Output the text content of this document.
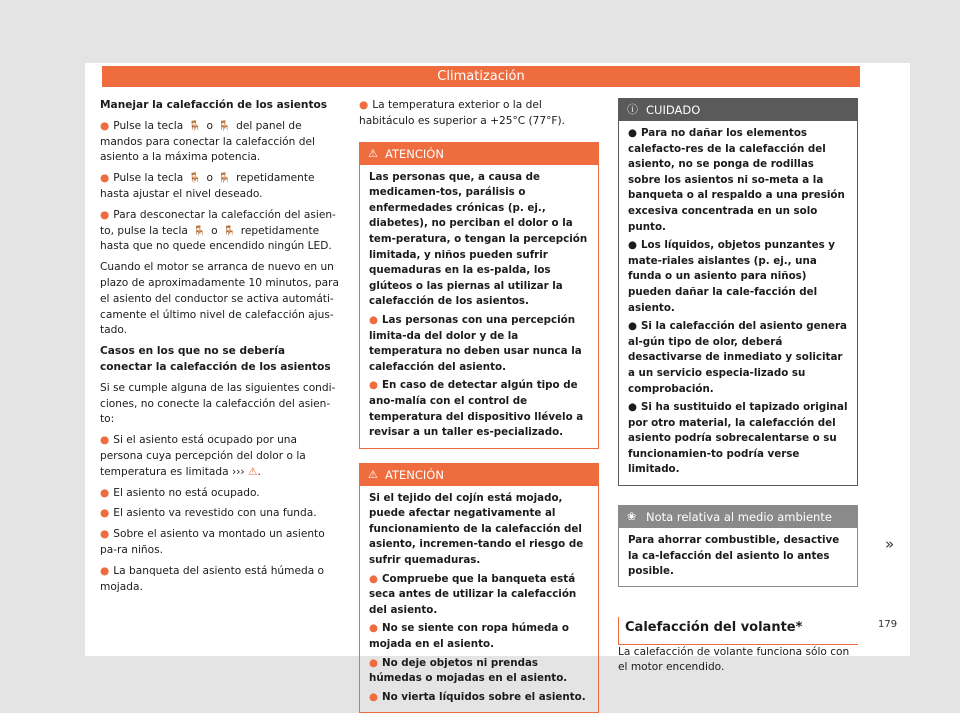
Climatización

Manejar la calefacción de los asientos

● Pulse la tecla 🪑 o 🪑 del panel de mandos para conectar la calefacción del asiento a la máxima potencia.

● Pulse la tecla 🪑 o 🪑 repetidamente hasta ajustar el nivel deseado.

● Para desconectar la calefacción del asien-to, pulse la tecla 🪑 o 🪑 repetidamente hasta que no quede encendido ningún LED.

Cuando el motor se arranca de nuevo en un plazo de aproximadamente 10 minutos, para el asiento del conductor se activa automáti-camente el último nivel de calefacción ajus-tado.

Casos en los que no se debería conectar la calefacción de los asientos

Si se cumple alguna de las siguientes condi-ciones, no conecte la calefacción del asien-to:

● Si el asiento está ocupado por una persona cuya percepción del dolor o la temperatura es limitada ››› ⚠.

● El asiento no está ocupado.

● El asiento va revestido con una funda.

● Sobre el asiento va montado un asiento pa-ra niños.

● La banqueta del asiento está húmeda o mojada.

● La temperatura exterior o la del habitáculo es superior a +25°C (77°F).

⚠ ATENCIÓN

Las personas que, a causa de medicamen-tos, parálisis o enfermedades crónicas (p. ej., diabetes), no perciban el dolor o la tem-peratura, o tengan la percepción limitada, y niños pueden sufrir quemaduras en la es-palda, los glúteos o las piernas al utilizar la calefacción de los asientos.

● Las personas con una percepción limita-da del dolor y de la temperatura no deben usar nunca la calefacción del asiento.

● En caso de detectar algún tipo de ano-malía con el control de temperatura del dispositivo llévelo a revisar a un taller es-pecializado.

⚠ ATENCIÓN

Si el tejido del cojín está mojado, puede afectar negativamente al funcionamiento de la calefacción del asiento, incremen-tando el riesgo de sufrir quemaduras.

● Compruebe que la banqueta está seca antes de utilizar la calefacción del asiento.

● No se siente con ropa húmeda o mojada en el asiento.

● No deje objetos ni prendas húmedas o mojadas en el asiento.

● No vierta líquidos sobre el asiento.

ⓘ CUIDADO

● Para no dañar los elementos calefacto-res de la calefacción del asiento, no se ponga de rodillas sobre los asientos ni so-meta a la banqueta o al respaldo a una presión excesiva concentrada en un solo punto.

● Los líquidos, objetos punzantes y mate-riales aislantes (p. ej., una funda o un asiento para niños) pueden dañar la cale-facción del asiento.

● Si la calefacción del asiento genera al-gún tipo de olor, deberá desactivarse de inmediato y solicitar a un servicio especia-lizado su comprobación.

● Si ha sustituido el tapizado original por otro material, la calefacción del asiento podría sobrecalentarse o su funcionamien-to podría verse limitado.

❀ Nota relativa al medio ambiente
Para ahorrar combustible, desactive la ca-lefacción del asiento lo antes posible.
Calefacción del volante*

La calefacción de volante funciona sólo con el motor encendido.

»
179
